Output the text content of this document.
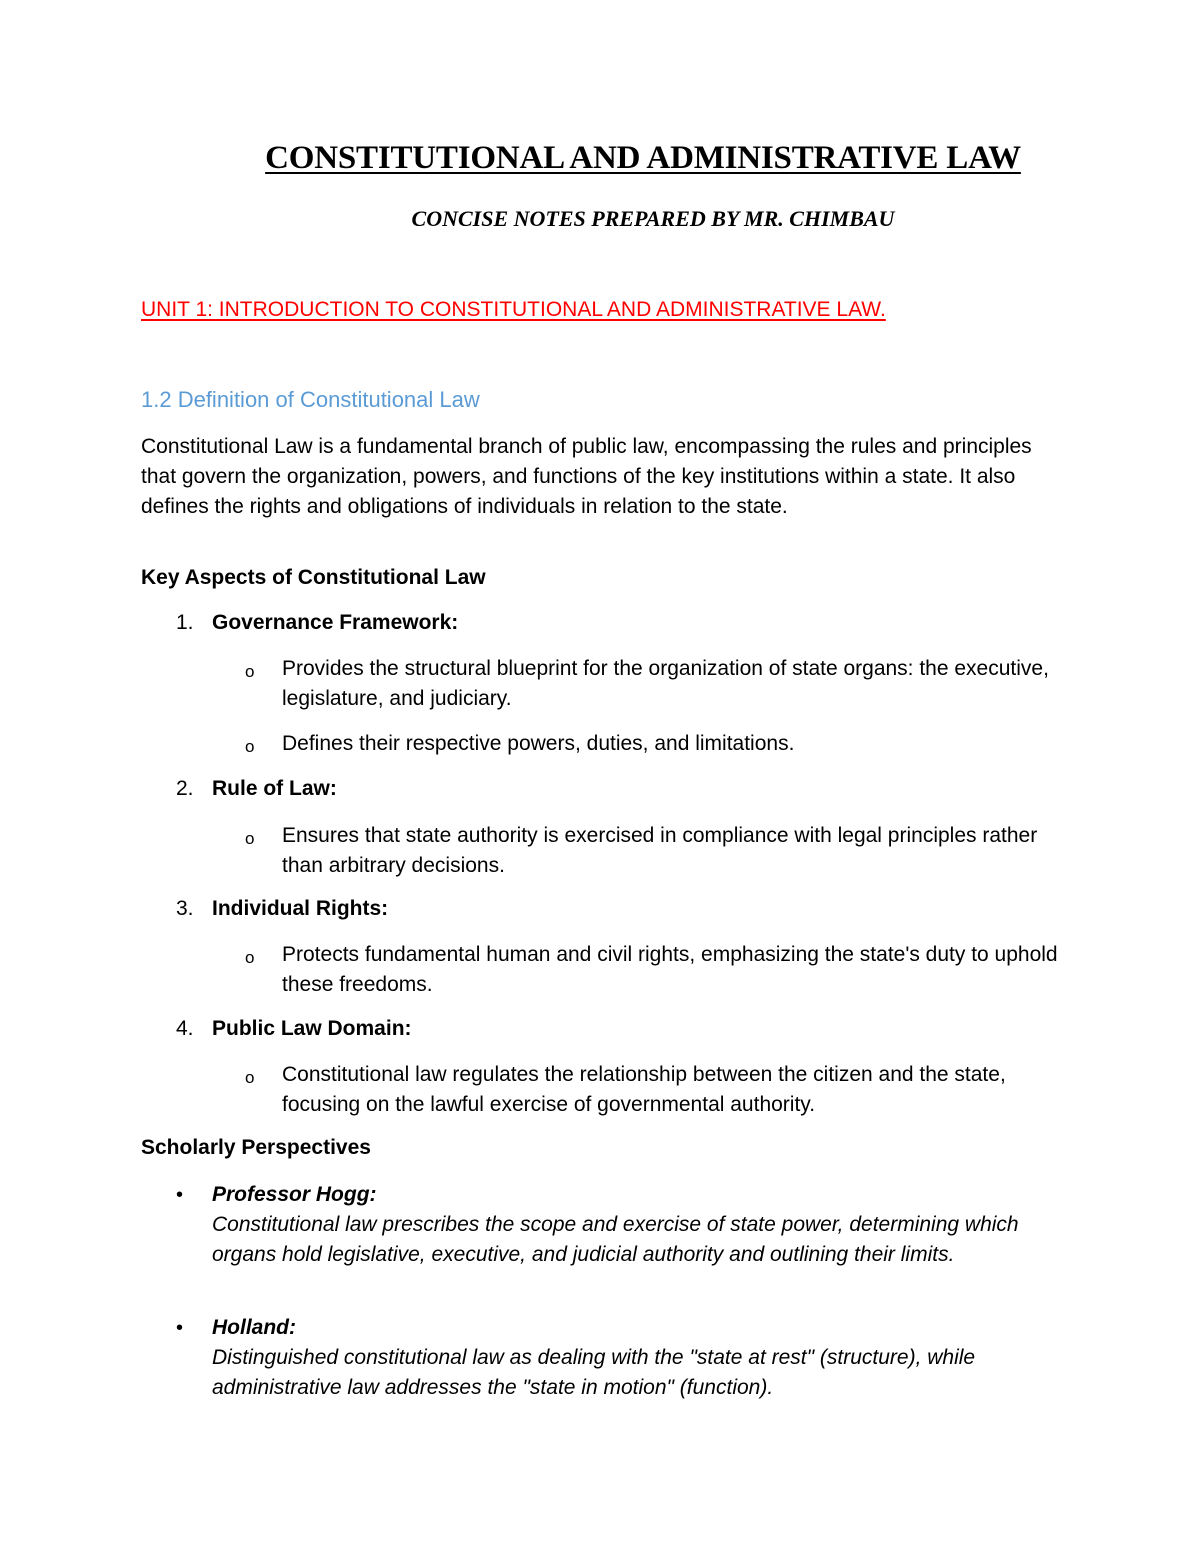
CONSTITUTIONAL AND ADMINISTRATIVE LAW
CONCISE NOTES PREPARED BY MR. CHIMBAU
UNIT 1: INTRODUCTION TO CONSTITUTIONAL AND ADMINISTRATIVE LAW.
1.2 Definition of Constitutional Law

Constitutional Law is a fundamental branch of public law, encompassing the rules and principles that govern the organization, powers, and functions of the key institutions within a state. It also defines the rights and obligations of individuals in relation to the state.

Key Aspects of Constitutional Law
1. Governance Framework:
o Provides the structural blueprint for the organization of state organs: the executive, legislature, and judiciary.
o Defines their respective powers, duties, and limitations.
2. Rule of Law:
o Ensures that state authority is exercised in compliance with legal principles rather than arbitrary decisions.
3. Individual Rights:
o Protects fundamental human and civil rights, emphasizing the state's duty to uphold these freedoms.
4. Public Law Domain:
o Constitutional law regulates the relationship between the citizen and the state, focusing on the lawful exercise of governmental authority.
Scholarly Perspectives
• Professor Hogg:
Constitutional law prescribes the scope and exercise of state power, determining which organs hold legislative, executive, and judicial authority and outlining their limits.
• Holland:
Distinguished constitutional law as dealing with the "state at rest" (structure), while administrative law addresses the "state in motion" (function).
